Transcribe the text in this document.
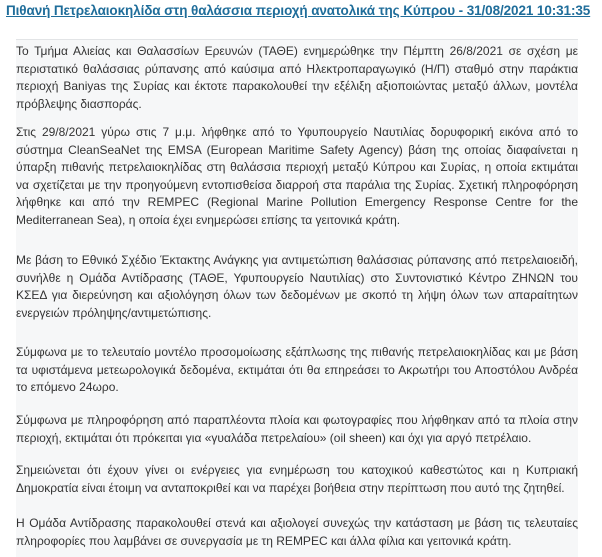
Πιθανή Πετρελαιοκηλίδα στη θαλάσσια περιοχή ανατολικά της Κύπρου - 31/08/2021 10:31:35

Το Τμήμα Αλιείας και Θαλασσίων Ερευνών (ΤΑΘΕ) ενημερώθηκε την Πέμπτη 26/8/2021 σε σχέση με περιστατικό θαλάσσιας ρύπανσης από καύσιμα από Ηλεκτροπαραγωγικό (Η/Π) σταθμό στην παράκτια περιοχή Baniyas της Συρίας και έκτοτε παρακολουθεί την εξέλιξη αξιοποιώντας μεταξύ άλλων, μοντέλα πρόβλεψης διασποράς.

Στις 29/8/2021 γύρω στις 7 μ.μ. λήφθηκε από το Υφυπουργείο Ναυτιλίας δορυφορική εικόνα από το σύστημα CleanSeaNet της EMSA (European Maritime Safety Agency) βάση της οποίας διαφαίνεται η ύπαρξη πιθανής πετρελαιοκηλίδας στη θαλάσσια περιοχή μεταξύ Κύπρου και Συρίας, η οποία εκτιμάται να σχετίζεται με την προηγούμενη εντοπισθείσα διαρροή στα παράλια της Συρίας. Σχετική πληροφόρηση λήφθηκε και από την REMPEC (Regional Marine Pollution Emergency Response Centre for the Mediterranean Sea), η οποία έχει ενημερώσει επίσης τα γειτονικά κράτη.

Με βάση το Εθνικό Σχέδιο Έκτακτης Ανάγκης για αντιμετώπιση θαλάσσιας ρύπανσης από πετρελαιοειδή, συνήλθε η Ομάδα Αντίδρασης (ΤΑΘΕ, Υφυπουργείο Ναυτιλίας) στο Συντονιστικό Κέντρο ΖΗΝΩΝ του ΚΣΕΔ για διερεύνηση και αξιολόγηση όλων των δεδομένων με σκοπό τη λήψη όλων των απαραίτητων ενεργειών πρόληψης/αντιμετώπισης.

Σύμφωνα με το τελευταίο μοντέλο προσομοίωσης εξάπλωσης της πιθανής πετρελαιοκηλίδας και με βάση τα υφιστάμενα μετεωρολογικά δεδομένα, εκτιμάται ότι θα επηρεάσει το Ακρωτήρι του Αποστόλου Ανδρέα το επόμενο 24ωρο.

Σύμφωνα με πληροφόρηση από παραπλέοντα πλοία και φωτογραφίες που λήφθηκαν από τα πλοία στην περιοχή, εκτιμάται ότι πρόκειται για «γυαλάδα πετρελαίου» (oil sheen) και όχι για αργό πετρέλαιο.

Σημειώνεται ότι έχουν γίνει οι ενέργειες για ενημέρωση του κατοχικού καθεστώτος και η Κυπριακή Δημοκρατία είναι έτοιμη να ανταποκριθεί και να παρέχει βοήθεια στην περίπτωση που αυτό της ζητηθεί.

Η Ομάδα Αντίδρασης παρακολουθεί στενά και αξιολογεί συνεχώς την κατάσταση με βάση τις τελευταίες πληροφορίες που λαμβάνει σε συνεργασία με τη REMPEC και άλλα φίλια και γειτονικά κράτη.
